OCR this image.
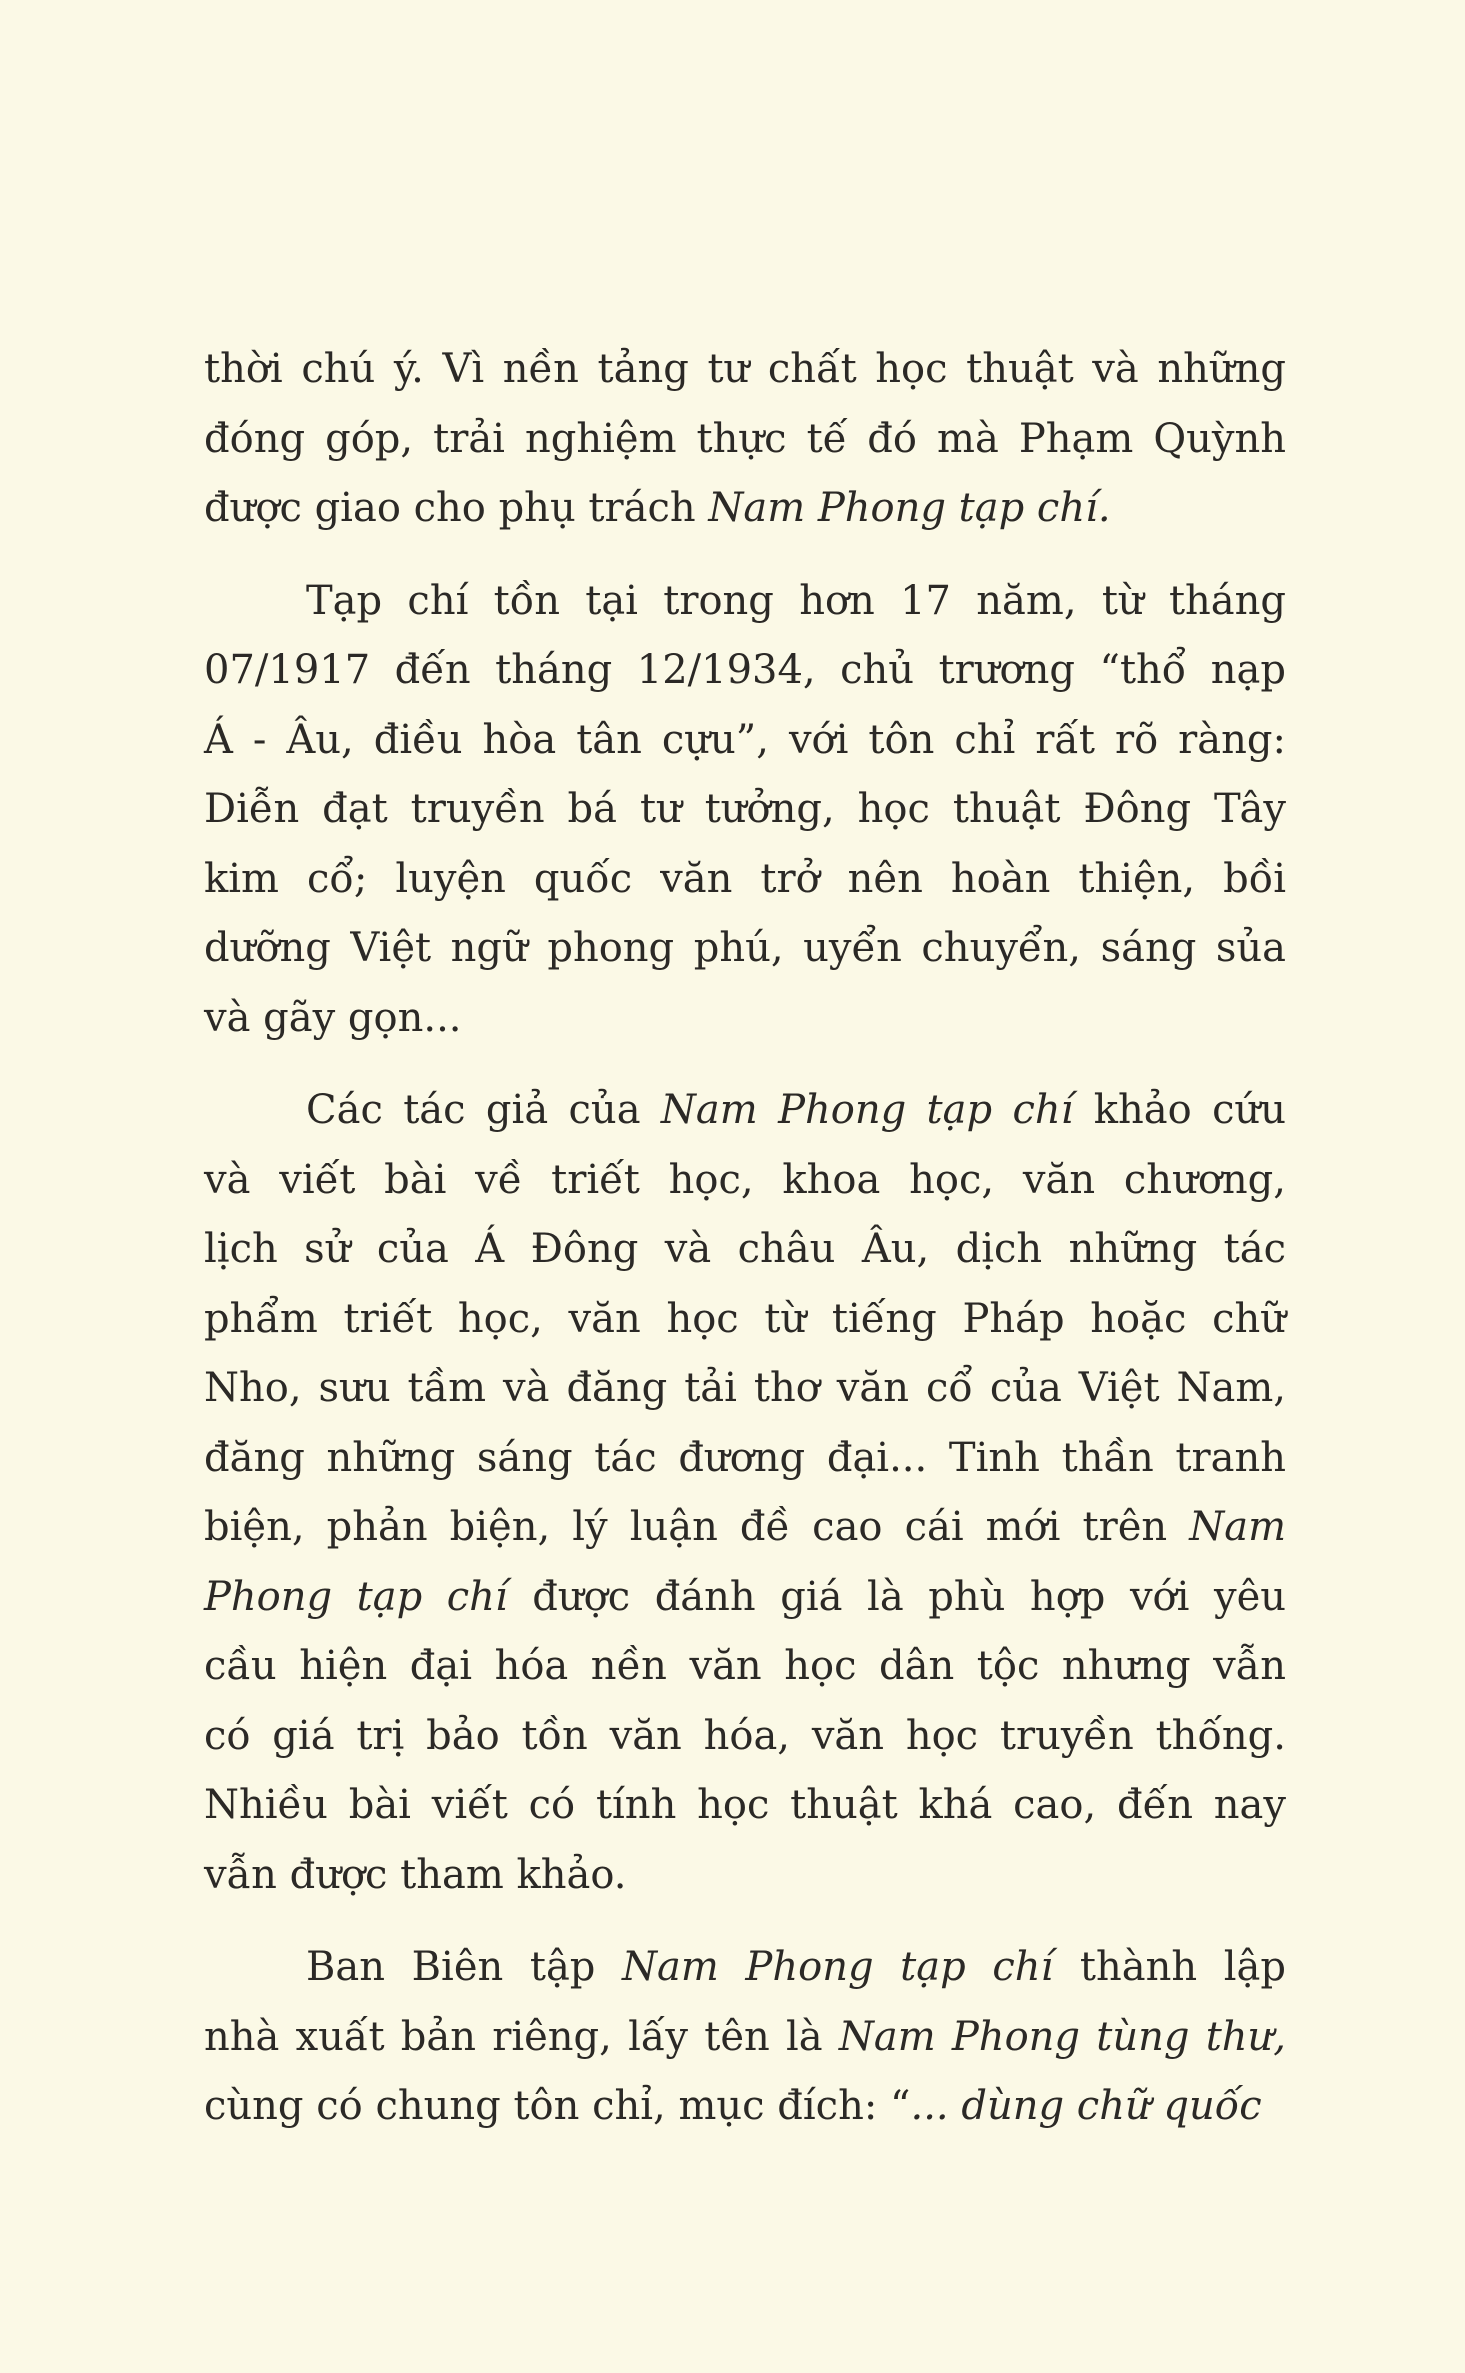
thời chú ý. Vì nền tảng tư chất học thuật và những
đóng góp, trải nghiệm thực tế đó mà Phạm Quỳnh
được giao cho phụ trách Nam Phong tạp chí.
Tạp chí tồn tại trong hơn 17 năm, từ tháng
07/1917 đến tháng 12/1934, chủ trương “thổ nạp
Á - Âu, điều hòa tân cựu”, với tôn chỉ rất rõ ràng:
Diễn đạt truyền bá tư tưởng, học thuật Đông Tây
kim cổ; luyện quốc văn trở nên hoàn thiện, bồi
dưỡng Việt ngữ phong phú, uyển chuyển, sáng sủa
và gãy gọn...
Các tác giả của Nam Phong tạp chí khảo cứu
và viết bài về triết học, khoa học, văn chương,
lịch sử của Á Đông và châu Âu, dịch những tác
phẩm triết học, văn học từ tiếng Pháp hoặc chữ
Nho, sưu tầm và đăng tải thơ văn cổ của Việt Nam,
đăng những sáng tác đương đại... Tinh thần tranh
biện, phản biện, lý luận đề cao cái mới trên Nam
Phong tạp chí được đánh giá là phù hợp với yêu
cầu hiện đại hóa nền văn học dân tộc nhưng vẫn
có giá trị bảo tồn văn hóa, văn học truyền thống.
Nhiều bài viết có tính học thuật khá cao, đến nay
vẫn được tham khảo.
Ban Biên tập Nam Phong tạp chí thành lập
nhà xuất bản riêng, lấy tên là Nam Phong tùng thư,
cùng có chung tôn chỉ, mục đích: “... dùng chữ quốc
